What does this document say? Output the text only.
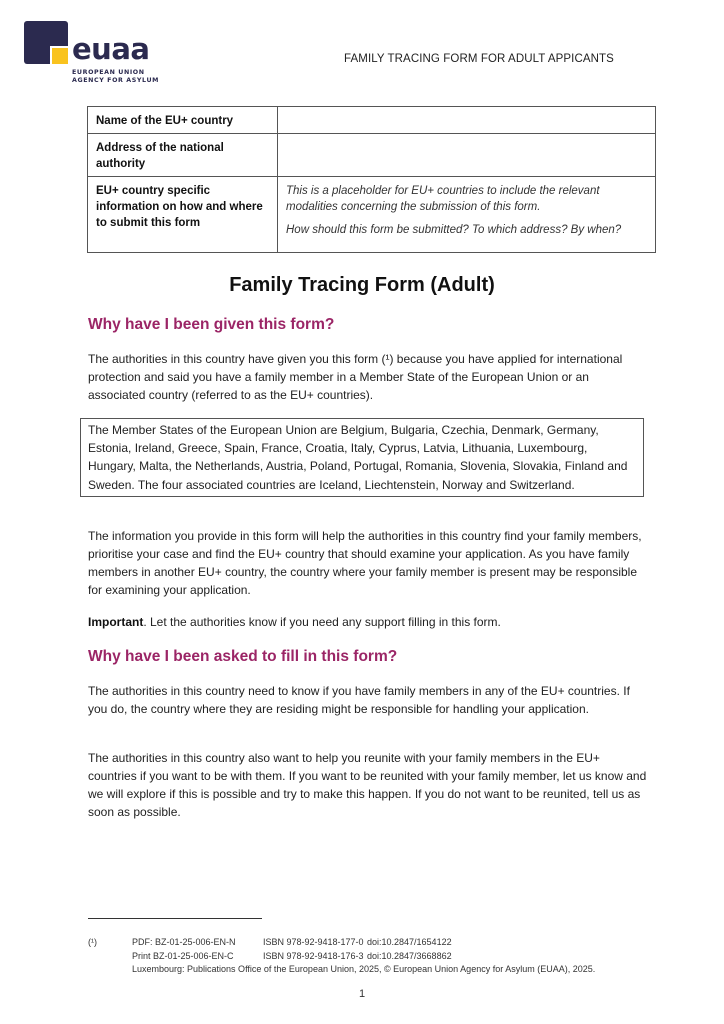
euaa
EUROPEAN UNION
AGENCY FOR ASYLUM
FAMILY TRACING FORM FOR ADULT APPICANTS
Name of the EU+ country	
Address of the national authority	
EU+ country specific information on how and where to submit this form	This is a placeholder for EU+ countries to include the relevant modalities concerning the submission of this form.

How should this form be submitted? To which address? By when?

Family Tracing Form (Adult)
Why have I been given this form?
The authorities in this country have given you this form (¹) because you have applied for international protection and said you have a family member in a Member State of the European Union or an associated country (referred to as the EU+ countries).
The Member States of the European Union are Belgium, Bulgaria, Czechia, Denmark, Germany, Estonia, Ireland, Greece, Spain, France, Croatia, Italy, Cyprus, Latvia, Lithuania, Luxembourg, Hungary, Malta, the Netherlands, Austria, Poland, Portugal, Romania, Slovenia, Slovakia, Finland and Sweden. The four associated countries are Iceland, Liechtenstein, Norway and Switzerland.
The information you provide in this form will help the authorities in this country find your family members, prioritise your case and find the EU+ country that should examine your application. As you have family members in another EU+ country, the country where your family member is present may be responsible for examining your application.
Important. Let the authorities know if you need any support filling in this form.
Why have I been asked to fill in this form?
The authorities in this country need to know if you have family members in any of the EU+ countries. If you do, the country where they are residing might be responsible for handling your application.
The authorities in this country also want to help you reunite with your family members in the EU+ countries if you want to be with them. If you want to be reunited with your family member, let us know and we will explore if this is possible and try to make this happen. If you do not want to be reunited, tell us as soon as possible.
(¹)	PDF: BZ-01-25-006-EN-N	ISBN 978-92-9418-177-0 doi:10.2847/1654122
Print BZ-01-25-006-EN-C	ISBN 978-92-9418-176-3 doi:10.2847/3668862
Luxembourg: Publications Office of the European Union, 2025, © European Union Agency for Asylum (EUAA), 2025.
1
